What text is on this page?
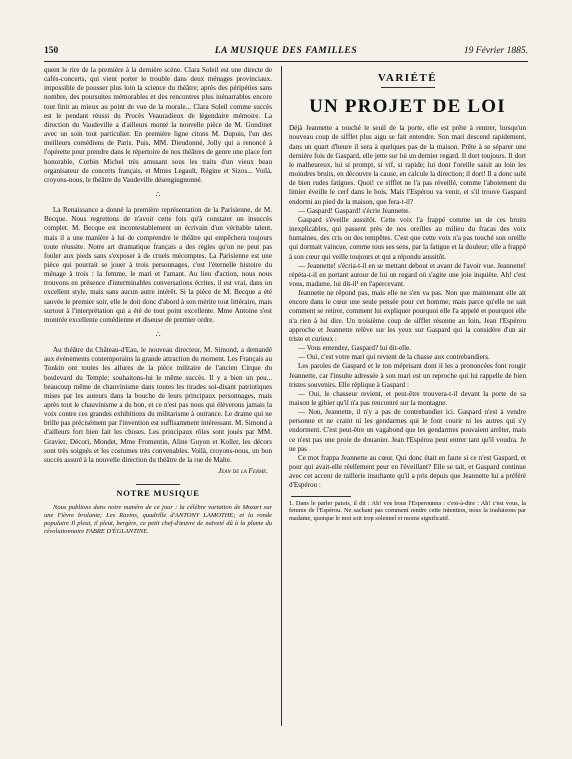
150	LA MUSIQUE DES FAMILLES	19 Février 1885.

quent le rire de la première à la dernière scène. Clara Soleil est une directe de cafés-concerts, qui vient porter le trouble dans deux ménages provinciaux. impossible de pousser plus loin la science du théâtre; après des péripéties sans nombre, des poursuites mémorables et des rencontres plus inénarrables encore tout finit au mieux au point de vue de la morale... Clara Soleil comme succès est le pendant réussi du Procès Veauradieux de légendaire mémoire. La direction du Vaudeville a d'ailleurs monté la nouvelle pièce de M. Gondinet avec un soin tout particulier. En première ligne citons M. Dupuis, l'un des meilleurs comédiens de Paris. Puis, MM. Dieudonné, Jolly qui a renoncé à l'opérette pour prendre dans le répertoire de nos théâtres de genre une place fort honorable, Corbin Michel très amusant sous les traits d'un vieux beau organisateur de concerts français, et Mmes Legault, Régine et Sizos... Voilà, croyons-nous, le théâtre du Vaudeville désengiugnonné.

∴

La Renaissance a donné la première représentation de la Parisienne, de M. Becque. Nous regrettons de n'avoir cette fois qu'à constater un insuccès complet. M. Becque est incontestablement un écrivain d'un véritable talent, mais il a une manière à lui de comprendre le théâtre qui empêchera toujours toute réussite. Notre art dramatique français a des règles qu'on ne peut pas fouler aux pieds sans s'exposer à de cruels mécomptes. La Parisienne est une pièce qui pourrait se jouer à trois personnages, c'est l'éternelle histoire du ménage à trois : la femme, le mari et l'amant. Au lieu d'action, nous nous trouvons en présence d'interminables conversations écrites, il est vrai, dans un excellent style, mais sans aucun autre intérêt. Si la pièce de M. Becque a été sauvée le premier soir, elle le doit donc d'abord à son mérite tout littéraire, mais surtout à l'interprétation qui a été de tout point excellente. Mme Antoine s'est montrée excellente comédienne et diseuse de premier ordre.

∴

Au théâtre du Château-d'Eau, le nouveau directeur, M. Simond, a demandé aux événements contemporains la grande attraction du moment. Les Français au Tonkin ont toutes les allures de la pièce militaire de l'ancien Cirque du boulevard du Temple; souhaitons-lui le même succès. Il y a bien un peu... beaucoup même de chauvinisme dans toutes les tirades soi-disant patriotiques mises par les auteurs dans la bouche de leurs principaux personnages, mais après tout le chauvinisme a du bon, et ce n'est pas nous qui élèverons jamais la voix contre ces grandes exhibitions du militarisme à outrance. Le drame qui ne brille pas précisément par l'invention est suffisamment intéressant. M. Simond a d'ailleurs fort bien fait les choses. Les principaux rôles sont joués par MM. Gravier, Décori, Mondet, Mme Fromentin, Aline Guyon et Koller, les décors sont très soignés et les costumes très convenables. Voilà, croyons-nous, un bon succès assuré à la nouvelle direction du théâtre de la rue de Malte.

Jean de la Ferme.
NOTRE MUSIQUE

Nous publions dans notre numéro de ce jour : la célèbre variation de Mozart sur une Fièvre brulante; Les Ravins, quadrille d'ANTONY LAMOTHE; et la ronde populaire Il pleut, il pleut, bergère, ce petit chef-d'œuvre de naïveté dû à la plume du révolutionnaire FABRE D'ÉGLANTINE.

VARIÉTÉ
UN PROJET DE LOI

Déjà Jeannette a touché le seuil de la porte, elle est prête à rentrer, lorsqu'un nouveau coup de sifflet plus aigu se fait entendre. Son mari descend rapidement, dans un quart d'heure il sera à quelques pas de la maison. Prête à se séparer une dernière fois de Gaspard, elle jette sur lui un dernier regard. Il dort toujours. Il dort le malheureux, lui si prompt, si vif, si rapide; lui dont l'oreille saisit au loin les moindres bruits, en découvre la cause, en calcule la direction; il dort! Il a donc subi de bien rudes fatigues. Quoi! ce sifflet ne l'a pas réveillé, comme l'aboiement du limier éveille le cerf dans le bois. Mais l'Espérou va venir, et s'il trouve Gaspard endormi au pied de la maison, que fera-t-il?

— Gaspard! Gaspard! s'écrie Jeannette.

Gaspard s'éveille aussitôt. Cette voix l'a frappé comme un de ces bruits inexplicables, qui passent près de nos oreilles au milieu du fracas des voix humaines, des cris ou des tempêtes. C'est que cette voix n'a pas touché son oreille qui dormait vaincue, comme tous ses sens, par la fatigue et la douleur; elle a frappé à son cœur qui veille toujours et qui a répondu aussitôt.

— Jeannette! s'écria-t-il en se mettant debout et avant de l'avoir vue. Jeannette! répéta-t-il en portant autour de lui un regard où s'agite une joie inquiète. Ah! c'est vous, madame, lui dit-il¹ en l'apercevant.

Jeannette ne répond pas, mais elle ne s'en va pas. Non que maintenant elle ait encore dans le cœur une seule pensée pour cet homme; mais parce qu'elle ne sait comment se retirer, comment lui expliquer pourquoi elle l'a appelé et pourquoi elle n'a rien à lui dire. Un troisième coup de sifflet résonne au loin, Jean l'Espérou approche et Jeannette relève sur les yeux sur Gaspard qui la considère d'un air triste et curieux :

— Vous entendez, Gaspard? lui dit-elle.

— Oui, c'est votre mari qui revient de la chasse aux contrebandiers.

Les paroles de Gaspard et le ton méprisant dont il les a prononcées font rougir Jeannette, car l'insulte adressée à son mari est un reproche qui lui rappelle de bien tristes souvenirs. Elle réplique à Gaspard :

— Oui, le chasseur revient, et peut-être trouvera-t-il devant la porte de sa maison le gibier qu'il n'a pas rencontré sur la montagne.

— Non, Jeannette, il n'y a pas de contrebandier ici. Gaspard n'est à vendre personne et ne craint ni les gendarmes qui le font courir ni les autres qui s'y endorment. C'est peut-être un vagabond que les gendarmes pouvaient arrêter, mais ce n'est pas une proie de douanier. Jean l'Espérou peut entrer tant qu'il voudra. Je ne pas

Ce mot frappa Jeannette au cœur. Qui donc était en faute si ce n'est Gaspard, et pour qui avait-elle réellement peur en l'éveillant? Elle se tait, et Gaspard continue avec cet accent de raillerie insultante qu'il a pris depuis que Jeannette lui a préféré d'Espérou :

1. Dans le parler patois, il dit : Ah! vos bous l'Esperounna : c'est-à-dire : Ah! c'est vous, la femme de l'Espérou. Ne sachant pas comment rendre cette intention, nous la traduisons par madame, quoique le mot soit trop solennel et moins significatif.
